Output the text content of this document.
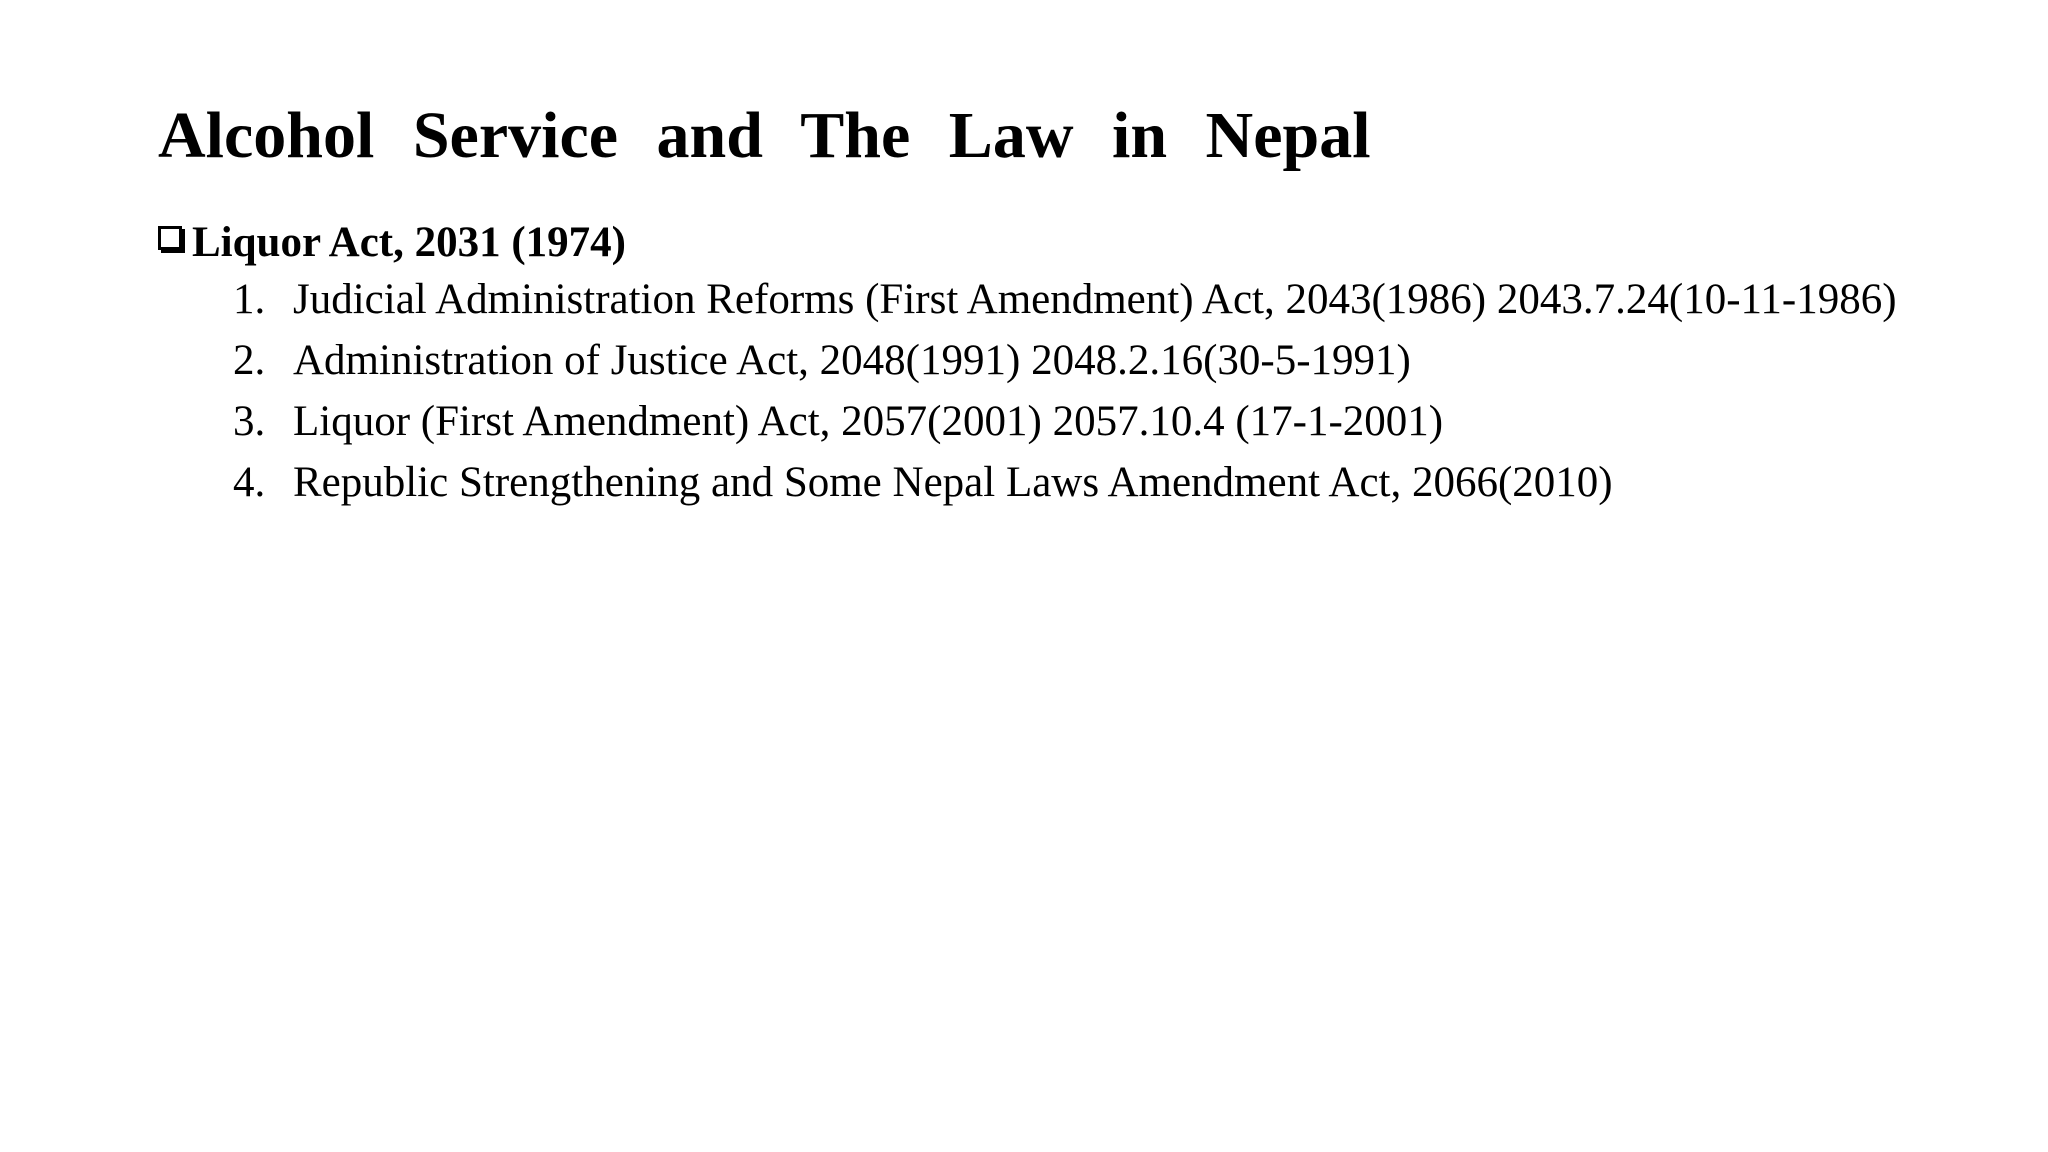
Alcohol Service and The Law in Nepal
Liquor Act, 2031 (1974)
1. Judicial Administration Reforms (First Amendment) Act, 2043(1986) 2043.7.24(10-11-1986)
2. Administration of Justice Act, 2048(1991) 2048.2.16(30-5-1991)
3. Liquor (First Amendment) Act, 2057(2001) 2057.10.4 (17-1-2001)
4. Republic Strengthening and Some Nepal Laws Amendment Act, 2066(2010)
